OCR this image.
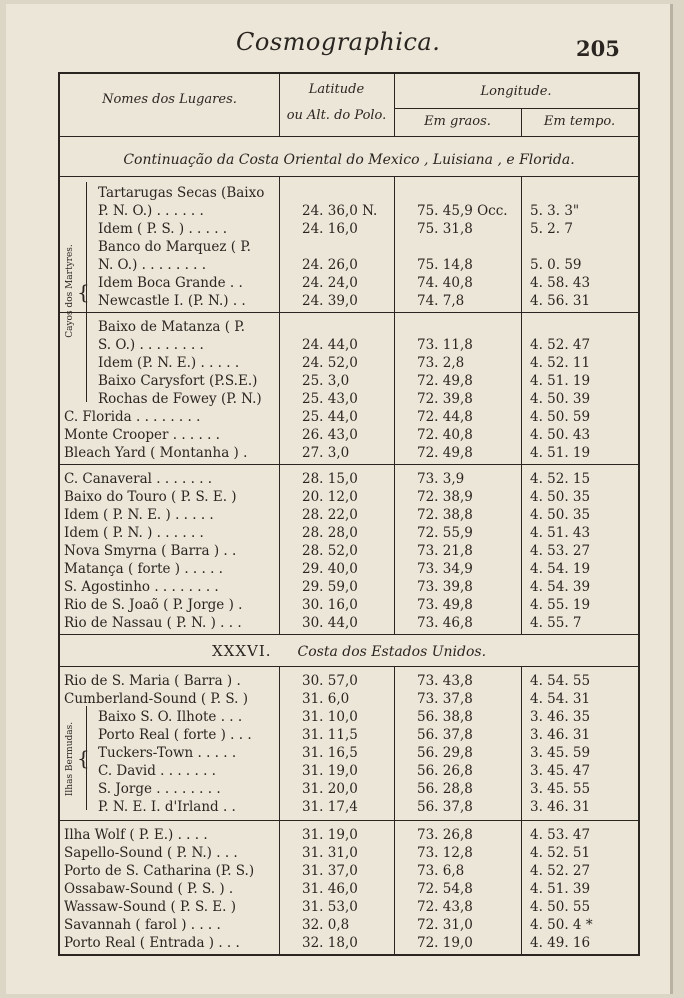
Cosmographica.	205
Nomes dos Lugares.
Latitude
ou Alt. do Polo.
Longitude.
Em graos.	Em tempo.
Continuação da Costa Oriental do Mexico , Luisiana , e Florida.
XXXVI. Costa dos Estados Unidos.
{
Cayos dos Martyres.
{
Ilhas Bermudas.
Tartarugas Secas (Baixo
P. N. O.) . . . . . .	24. 36,0 N.	75. 45,9 Occ. 5. 3. 3"
Idem ( P. S. ) . . . . .	24. 16,0	75. 31,8	5. 2. 7
Banco do Marquez ( P.
N. O.) . . . . . . . .	24. 26,0	75. 14,8	5. 0. 59
Idem Boca Grande . .	24. 24,0	74. 40,8	4. 58. 43
Newcastle I. (P. N.) . .	24. 39,0	74. 7,8	4. 56. 31
Baixo de Matanza ( P.
S. O.) . . . . . . . .	24. 44,0	73. 11,8	4. 52. 47
Idem (P. N. E.) . . . . .	24. 52,0	73. 2,8	4. 52. 11
Baixo Carysfort (P.S.E.)	25. 3,0	72. 49,8	4. 51. 19
Rochas de Fowey (P. N.)	25. 43,0	72. 39,8	4. 50. 39
C. Florida . . . . . . . .	25. 44,0	72. 44,8	4. 50. 59
Monte Crooper . . . . . .	26. 43,0	72. 40,8	4. 50. 43
Bleach Yard ( Montanha ) .	27. 3,0	72. 49,8	4. 51. 19
C. Canaveral . . . . . . .	28. 15,0	73. 3,9	4. 52. 15
Baixo do Touro ( P. S. E. )	20. 12,0	72. 38,9	4. 50. 35
Idem ( P. N. E. ) . . . . .	28. 22,0	72. 38,8	4. 50. 35
Idem ( P. N. ) . . . . . .	28. 28,0	72. 55,9	4. 51. 43
Nova Smyrna ( Barra ) . .	28. 52,0	73. 21,8	4. 53. 27
Matança ( forte ) . . . . .	29. 40,0	73. 34,9	4. 54. 19
S. Agostinho . . . . . . . .	29. 59,0	73. 39,8	4. 54. 39
Rio de S. Joaõ ( P. Jorge ) .	30. 16,0	73. 49,8	4. 55. 19
Rio de Nassau ( P. N. ) . . .	30. 44,0	73. 46,8	4. 55. 7
Rio de S. Maria ( Barra ) .	30. 57,0	73. 43,8	4. 54. 55
Cumberland-Sound ( P. S. )	31. 6,0	73. 37,8	4. 54. 31
Baixo S. O. Ilhote . . .	31. 10,0	56. 38,8	3. 46. 35
Porto Real ( forte ) . . .	31. 11,5	56. 37,8	3. 46. 31
Tuckers-Town . . . . .	31. 16,5	56. 29,8	3. 45. 59
C. David . . . . . . .	31. 19,0	56. 26,8	3. 45. 47
S. Jorge . . . . . . . .	31. 20,0	56. 28,8	3. 45. 55
P. N. E. I. d'Irland . .	31. 17,4	56. 37,8	3. 46. 31
Ilha Wolf ( P. E.) . . . .	31. 19,0	73. 26,8	4. 53. 47
Sapello-Sound ( P. N.) . . .	31. 31,0	73. 12,8	4. 52. 51
Porto de S. Catharina (P. S.)	31. 37,0	73. 6,8	4. 52. 27
Ossabaw-Sound ( P. S. ) .	31. 46,0	72. 54,8	4. 51. 39
Wassaw-Sound ( P. S. E. )	31. 53,0	72. 43,8	4. 50. 55
Savannah ( farol ) . . . .	32. 0,8	72. 31,0	4. 50. 4 *
Porto Real ( Entrada ) . . .	32. 18,0	72. 19,0	4. 49. 16
